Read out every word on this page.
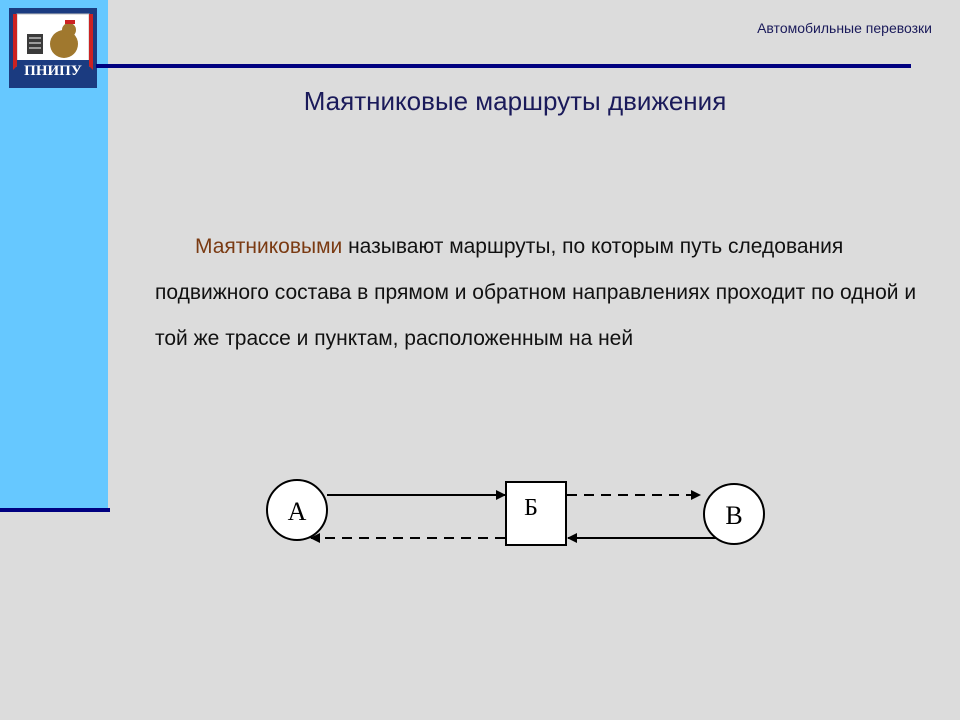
ПНИПУ
Автомобильные перевозки
Маятниковые маршруты движения
Маятниковыми называют маршруты, по которым путь следования подвижного состава в прямом и обратном направлениях проходит по одной и той же трассе и пунктам, расположенным на ней
А	Б	В
